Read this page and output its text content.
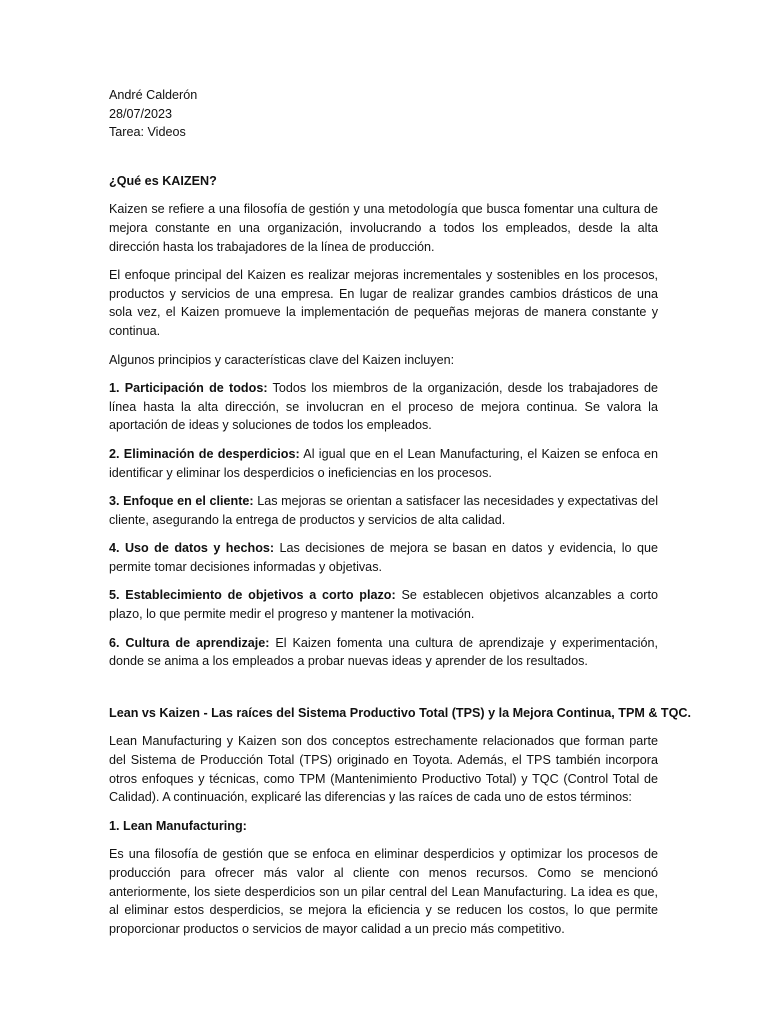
André Calderón

28/07/2023

Tarea: Videos

¿Qué es KAIZEN?

Kaizen se refiere a una filosofía de gestión y una metodología que busca fomentar una cultura de mejora constante en una organización, involucrando a todos los empleados, desde la alta dirección hasta los trabajadores de la línea de producción.

El enfoque principal del Kaizen es realizar mejoras incrementales y sostenibles en los procesos, productos y servicios de una empresa. En lugar de realizar grandes cambios drásticos de una sola vez, el Kaizen promueve la implementación de pequeñas mejoras de manera constante y continua.

Algunos principios y características clave del Kaizen incluyen:

1. Participación de todos: Todos los miembros de la organización, desde los trabajadores de línea hasta la alta dirección, se involucran en el proceso de mejora continua. Se valora la aportación de ideas y soluciones de todos los empleados.

2. Eliminación de desperdicios: Al igual que en el Lean Manufacturing, el Kaizen se enfoca en identificar y eliminar los desperdicios o ineficiencias en los procesos.

3. Enfoque en el cliente: Las mejoras se orientan a satisfacer las necesidades y expectativas del cliente, asegurando la entrega de productos y servicios de alta calidad.

4. Uso de datos y hechos: Las decisiones de mejora se basan en datos y evidencia, lo que permite tomar decisiones informadas y objetivas.

5. Establecimiento de objetivos a corto plazo: Se establecen objetivos alcanzables a corto plazo, lo que permite medir el progreso y mantener la motivación.

6. Cultura de aprendizaje: El Kaizen fomenta una cultura de aprendizaje y experimentación, donde se anima a los empleados a probar nuevas ideas y aprender de los resultados.

Lean vs Kaizen - Las raíces del Sistema Productivo Total (TPS) y la Mejora Continua, TPM & TQC.

Lean Manufacturing y Kaizen son dos conceptos estrechamente relacionados que forman parte del Sistema de Producción Total (TPS) originado en Toyota. Además, el TPS también incorpora otros enfoques y técnicas, como TPM (Mantenimiento Productivo Total) y TQC (Control Total de Calidad). A continuación, explicaré las diferencias y las raíces de cada uno de estos términos:

1. Lean Manufacturing:

Es una filosofía de gestión que se enfoca en eliminar desperdicios y optimizar los procesos de producción para ofrecer más valor al cliente con menos recursos. Como se mencionó anteriormente, los siete desperdicios son un pilar central del Lean Manufacturing. La idea es que, al eliminar estos desperdicios, se mejora la eficiencia y se reducen los costos, lo que permite proporcionar productos o servicios de mayor calidad a un precio más competitivo.
